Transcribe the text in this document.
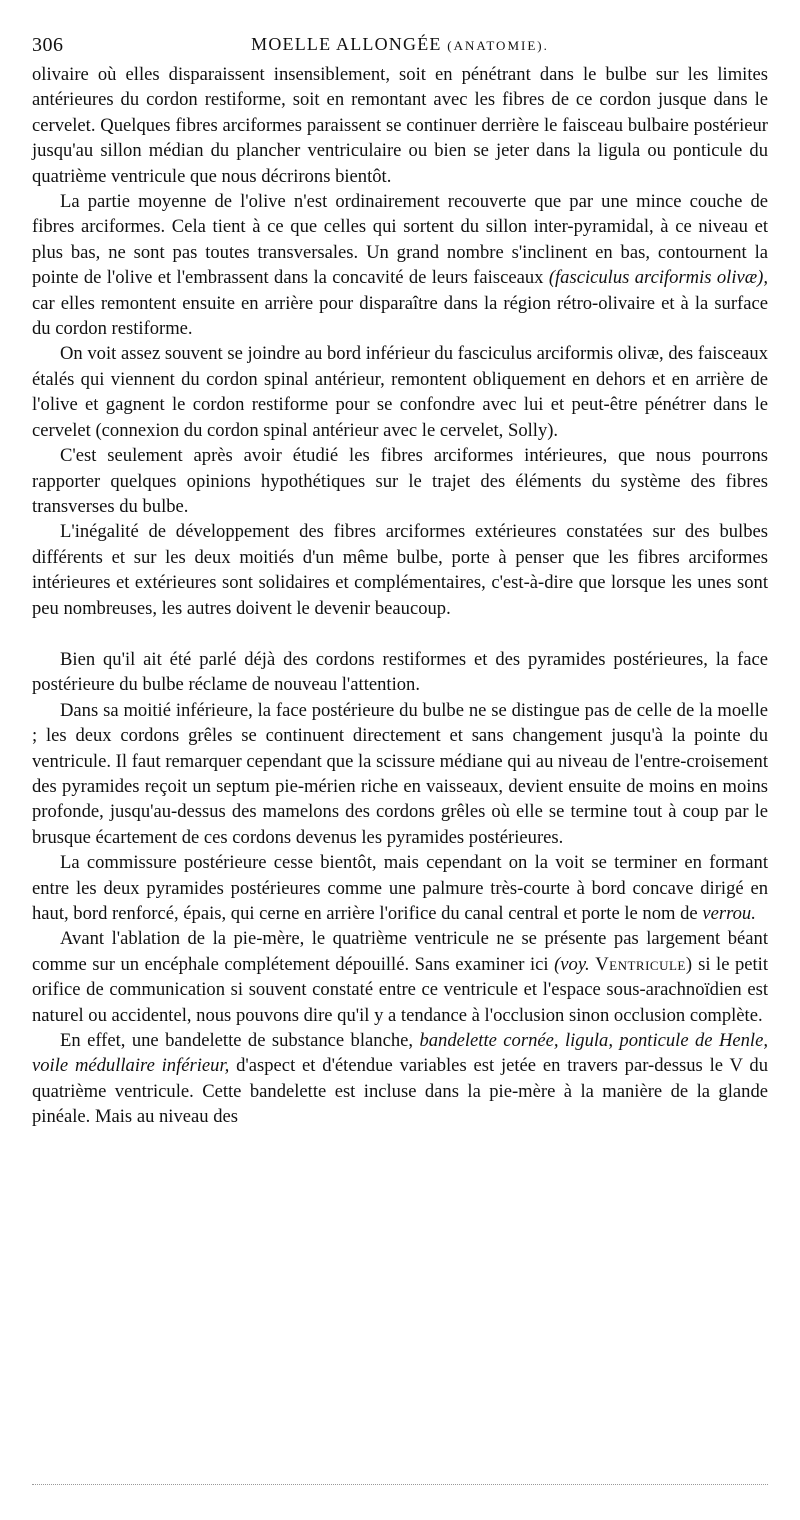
306	MOELLE ALLONGÉE (ANATOMIE).

olivaire où elles disparaissent insensiblement, soit en pénétrant dans le bulbe sur les limites antérieures du cordon restiforme, soit en remontant avec les fibres de ce cordon jusque dans le cervelet. Quelques fibres arciformes paraissent se continuer derrière le faisceau bulbaire postérieur jusqu'au sillon médian du plancher ventriculaire ou bien se jeter dans la ligula ou ponticule du quatrième ventricule que nous décrirons bientôt.

La partie moyenne de l'olive n'est ordinairement recouverte que par une mince couche de fibres arciformes. Cela tient à ce que celles qui sortent du sillon inter-pyramidal, à ce niveau et plus bas, ne sont pas toutes transversales. Un grand nombre s'inclinent en bas, contournent la pointe de l'olive et l'embrassent dans la concavité de leurs faisceaux (fasciculus arciformis olivæ), car elles remontent ensuite en arrière pour disparaître dans la région rétro-olivaire et à la surface du cordon restiforme.

On voit assez souvent se joindre au bord inférieur du fasciculus arciformis olivæ, des faisceaux étalés qui viennent du cordon spinal antérieur, remontent obliquement en dehors et en arrière de l'olive et gagnent le cordon restiforme pour se confondre avec lui et peut-être pénétrer dans le cervelet (connexion du cordon spinal antérieur avec le cervelet, Solly).

C'est seulement après avoir étudié les fibres arciformes intérieures, que nous pourrons rapporter quelques opinions hypothétiques sur le trajet des éléments du système des fibres transverses du bulbe.

L'inégalité de développement des fibres arciformes extérieures constatées sur des bulbes différents et sur les deux moitiés d'un même bulbe, porte à penser que les fibres arciformes intérieures et extérieures sont solidaires et complémentaires, c'est-à-dire que lorsque les unes sont peu nombreuses, les autres doivent le devenir beaucoup.

Bien qu'il ait été parlé déjà des cordons restiformes et des pyramides postérieures, la face postérieure du bulbe réclame de nouveau l'attention.

Dans sa moitié inférieure, la face postérieure du bulbe ne se distingue pas de celle de la moelle ; les deux cordons grêles se continuent directement et sans changement jusqu'à la pointe du ventricule. Il faut remarquer cependant que la scissure médiane qui au niveau de l'entre-croisement des pyramides reçoit un septum pie-mérien riche en vaisseaux, devient ensuite de moins en moins profonde, jusqu'au-dessus des mamelons des cordons grêles où elle se termine tout à coup par le brusque écartement de ces cordons devenus les pyramides postérieures.

La commissure postérieure cesse bientôt, mais cependant on la voit se terminer en formant entre les deux pyramides postérieures comme une palmure très-courte à bord concave dirigé en haut, bord renforcé, épais, qui cerne en arrière l'orifice du canal central et porte le nom de verrou.

Avant l'ablation de la pie-mère, le quatrième ventricule ne se présente pas largement béant comme sur un encéphale complétement dépouillé. Sans examiner ici (voy. Ventricule) si le petit orifice de communication si souvent constaté entre ce ventricule et l'espace sous-arachnoïdien est naturel ou accidentel, nous pouvons dire qu'il y a tendance à l'occlusion sinon occlusion complète.

En effet, une bandelette de substance blanche, bandelette cornée, ligula, ponticule de Henle, voile médullaire inférieur, d'aspect et d'étendue variables est jetée en travers par-dessus le V du quatrième ventricule. Cette bandelette est incluse dans la pie-mère à la manière de la glande pinéale. Mais au niveau des
